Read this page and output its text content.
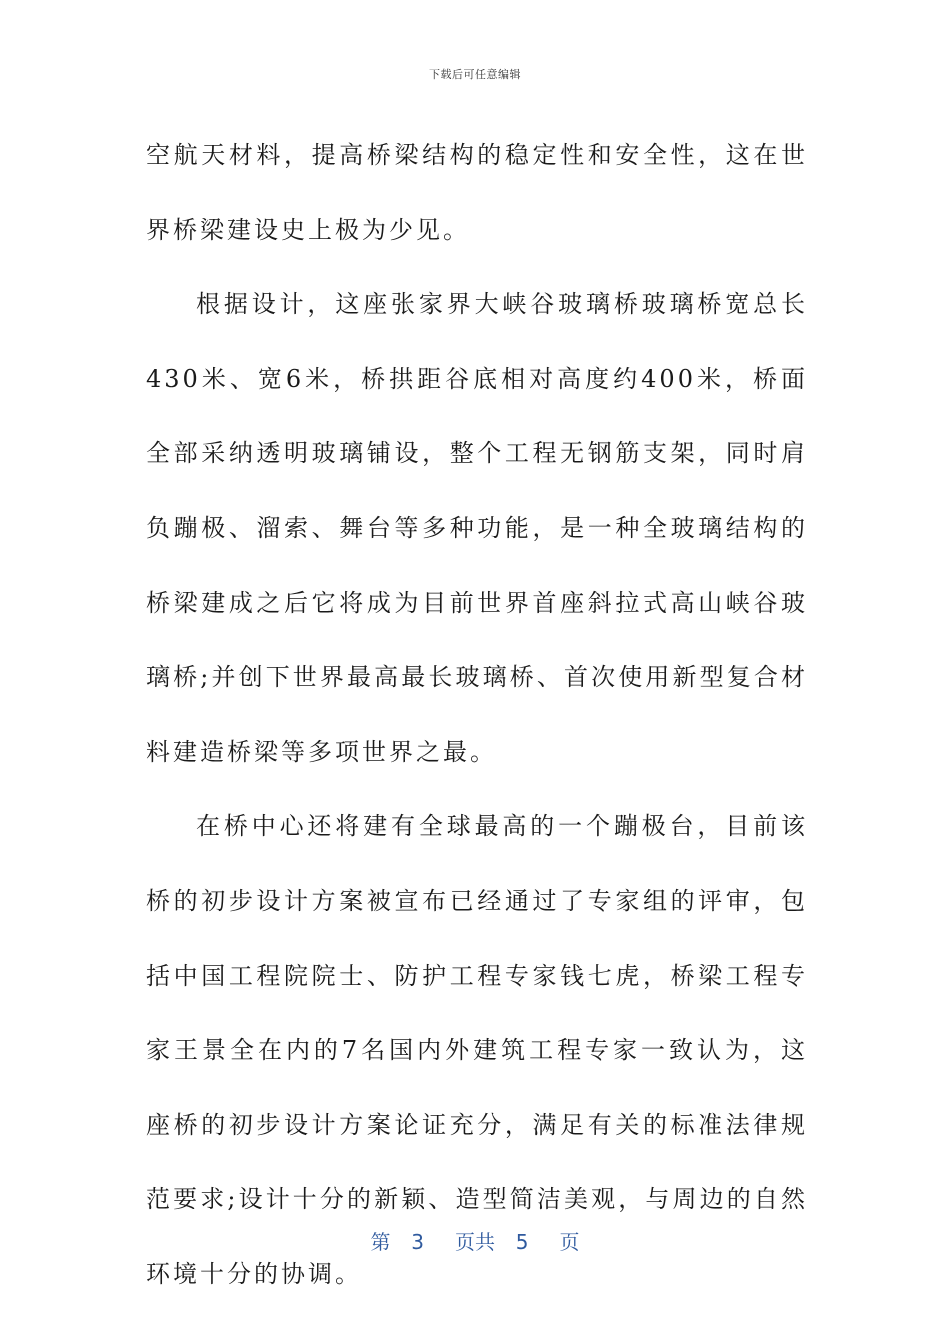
下载后可任意编辑

空航天材料，提高桥梁结构的稳定性和安全性，这在世界桥梁建设史上极为少见。

根据设计，这座张家界大峡谷玻璃桥玻璃桥宽总长430米、宽6米，桥拱距谷底相对高度约400米，桥面全部采纳透明玻璃铺设，整个工程无钢筋支架，同时肩负蹦极、溜索、舞台等多种功能，是一种全玻璃结构的桥梁建成之后它将成为目前世界首座斜拉式高山峡谷玻璃桥;并创下世界最高最长玻璃桥、首次使用新型复合材料建造桥梁等多项世界之最。

在桥中心还将建有全球最高的一个蹦极台，目前该桥的初步设计方案被宣布已经通过了专家组的评审，包括中国工程院院士、防护工程专家钱七虎，桥梁工程专家王景全在内的7名国内外建筑工程专家一致认为，这座桥的初步设计方案论证充分，满足有关的标准法律规范要求;设计十分的新颖、造型简洁美观，与周边的自然环境十分的协调。

第  3   页共  5   页
